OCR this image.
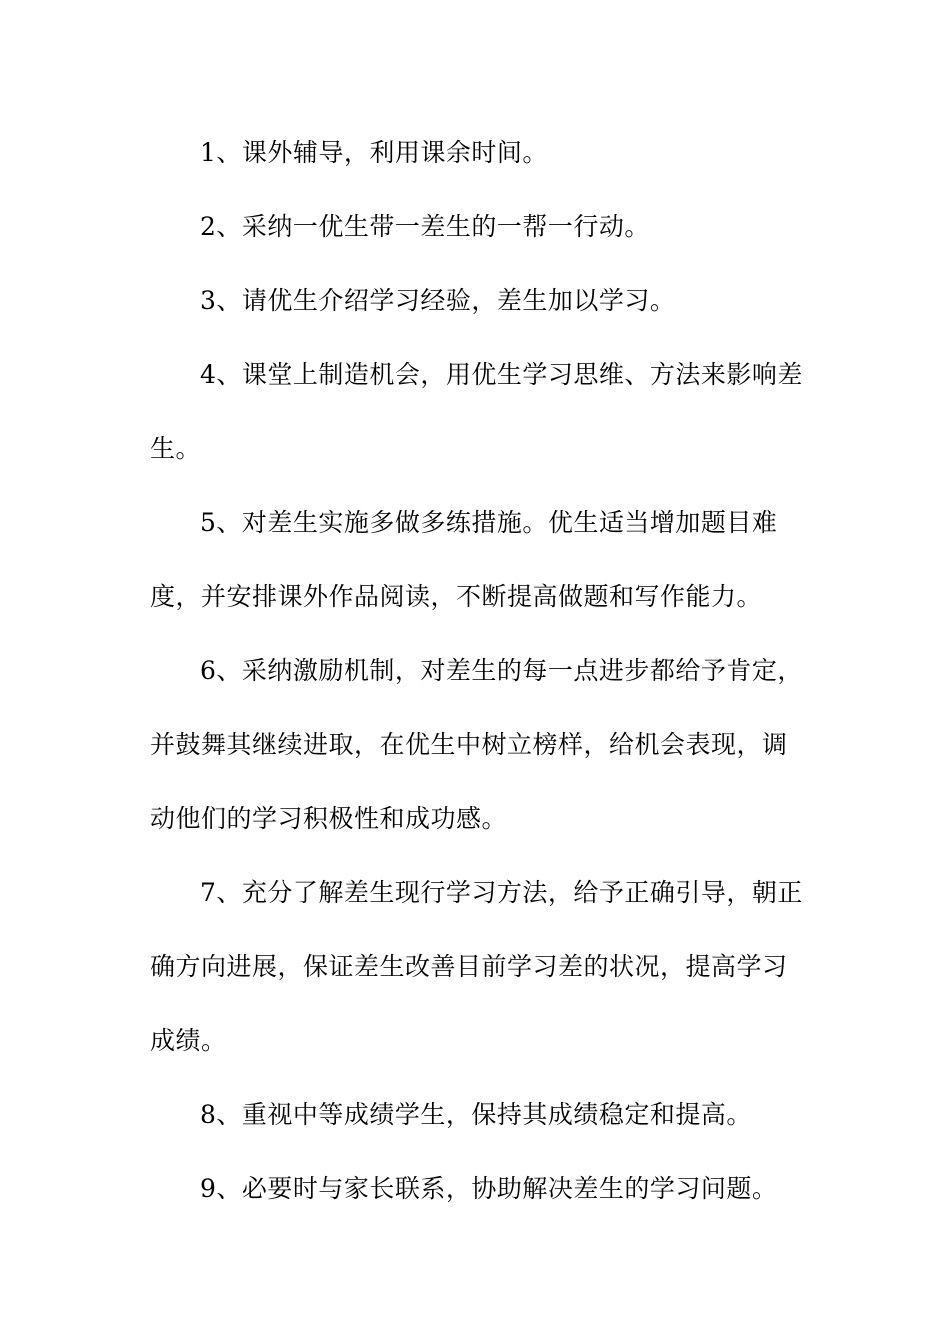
1、课外辅导，利用课余时间。

2、采纳一优生带一差生的一帮一行动。

3、请优生介绍学习经验，差生加以学习。

4、课堂上制造机会，用优生学习思维、方法来影响差生。

5、对差生实施多做多练措施。优生适当增加题目难度，并安排课外作品阅读，不断提高做题和写作能力。

6、采纳激励机制，对差生的每一点进步都给予肯定，并鼓舞其继续进取，在优生中树立榜样，给机会表现，调动他们的学习积极性和成功感。

7、充分了解差生现行学习方法，给予正确引导，朝正确方向进展，保证差生改善目前学习差的状况，提高学习成绩。

8、重视中等成绩学生，保持其成绩稳定和提高。

9、必要时与家长联系，协助解决差生的学习问题。
